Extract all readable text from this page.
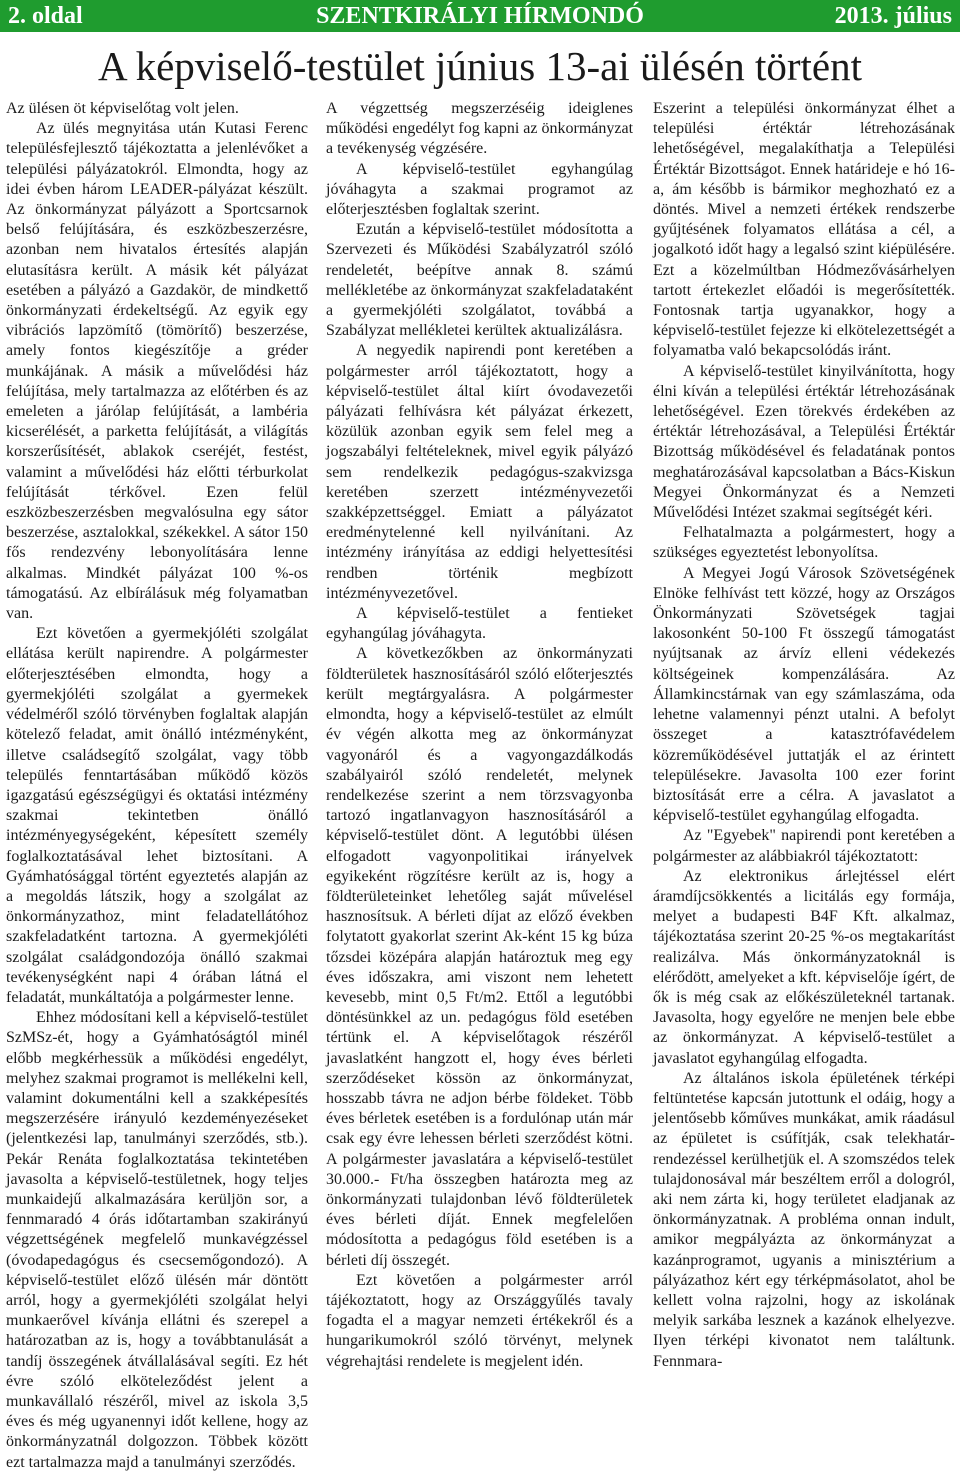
2. oldal	SZENTKIRÁLYI HÍRMONDÓ	2013. július
A képviselő-testület június 13-ai ülésén történt

Az ülésen öt képviselőtag volt jelen.

Az ülés megnyitása után Kutasi Ferenc településfejlesztő tájékoztatta a jelenlévőket a települési pályázatokról. Elmondta, hogy az idei évben három LEADER-pályázat készült. Az önkormányzat pályázott a Sportcsarnok belső felújítására, és eszközbeszerzésre, azonban nem hivatalos értesítés alapján elutasításra került. A másik két pályázat esetében a pályázó a Gazdakör, de mindkettő önkormányzati érdekeltségű. Az egyik egy vibrációs lapzömítő (tömörítő) beszerzése, amely fontos kiegészítője a gréder munkájának. A másik a művelődési ház felújítása, mely tartalmazza az előtérben és az emeleten a járólap felújítását, a lambéria kicserélését, a parketta felújítását, a világítás korszerűsítését, ablakok cseréjét, festést, valamint a művelődési ház előtti térburkolat felújítását térkővel. Ezen felül eszközbeszerzésben megvalósulna egy sátor beszerzése, asztalokkal, székekkel. A sátor 150 fős rendezvény lebonyolítására lenne alkalmas. Mindkét pályázat 100 %-os támogatású. Az elbírálásuk még folyamatban van.

Ezt követően a gyermekjóléti szolgálat ellátása került napirendre. A polgármester előterjesztésében elmondta, hogy a gyermekjóléti szolgálat a gyermekek védelméről szóló törvényben foglaltak alapján kötelező feladat, amit önálló intézményként, illetve családsegítő szolgálat, vagy több település fenntartásában működő közös igazgatású egészségügyi és oktatási intézmény szakmai tekintetben önálló intézményegységeként, képesített személy foglalkoztatásával lehet biztosítani. A Gyámhatósággal történt egyeztetés alapján az a megoldás látszik, hogy a szolgálat az önkormányzathoz, mint feladatellátóhoz szakfeladatként tartozna. A gyermekjóléti szolgálat családgondozója önálló szakmai tevékenységként napi 4 órában látná el feladatát, munkáltatója a polgármester lenne.

Ehhez módosítani kell a képviselő-testület SzMSz-ét, hogy a Gyámhatóságtól minél előbb megkérhessük a működési engedélyt, melyhez szakmai programot is mellékelni kell, valamint dokumentálni kell a szakképesítés megszerzésére irányuló kezdeményezéseket (jelentkezési lap, tanulmányi szerződés, stb.). Pekár Renáta foglalkoztatása tekintetében javasolta a képviselő-testületnek, hogy teljes munkaidejű alkalmazására kerüljön sor, a fennmaradó 4 órás időtartamban szakirányú végzettségének megfelelő munkavégzéssel (óvodapedagógus és csecsemőgondozó). A képviselő-testület előző ülésén már döntött arról, hogy a gyermekjóléti szolgálat helyi munkaerővel kívánja ellátni és szerepel a határozatban az is, hogy a továbbtanulását a tandíj összegének átvállalásával segíti. Ez hét évre szóló elköteleződést jelent a munkavállaló részéről, mivel az iskola 3,5 éves és még ugyanennyi időt kellene, hogy az önkormányzatnál dolgozzon. Többek között ezt tartalmazza majd a tanulmányi szerződés.

A végzettség megszerzéséig ideiglenes működési engedélyt fog kapni az önkormányzat a tevékenység végzésére.

A képviselő-testület egyhangúlag jóváhagyta a szakmai programot az előterjesztésben foglaltak szerint.

Ezután a képviselő-testület módosította a Szervezeti és Működési Szabályzatról szóló rendeletét, beépítve annak 8. számú mellékletébe az önkormányzat szakfeladataként a gyermekjóléti szolgálatot, továbbá a Szabályzat mellékletei kerültek aktualizálásra.

A negyedik napirendi pont keretében a polgármester arról tájékoztatott, hogy a képviselő-testület által kiírt óvodavezetői pályázati felhívásra két pályázat érkezett, közülük azonban egyik sem felel meg a jogszabályi feltételeknek, mivel egyik pályázó sem rendelkezik pedagógus-szakvizsga keretében szerzett intézményvezetői szakképzettséggel. Emiatt a pályázatot eredménytelenné kell nyilvánítani. Az intézmény irányítása az eddigi helyettesítési rendben történik megbízott intézményvezetővel.

A képviselő-testület a fentieket egyhangúlag jóváhagyta.

A következőkben az önkormányzati földterületek hasznosításáról szóló előterjesztés került megtárgyalásra. A polgármester elmondta, hogy a képviselő-testület az elmúlt év végén alkotta meg az önkormányzat vagyonáról és a vagyongazdálkodás szabályairól szóló rendeletét, melynek rendelkezése szerint a nem törzsvagyonba tartozó ingatlanvagyon hasznosításáról a képviselő-testület dönt. A legutóbbi ülésen elfogadott vagyonpolitikai irányelvek egyikeként rögzítésre került az is, hogy a földterületeinket lehetőleg saját művelésel hasznosítsuk. A bérleti díjat az előző években folytatott gyakorlat szerint Ak-ként 15 kg búza tőzsdei középára alapján határoztuk meg egy éves időszakra, ami viszont nem lehetett kevesebb, mint 0,5 Ft/m2. Ettől a legutóbbi döntésünkkel az un. pedagógus föld esetében tértünk el. A képviselőtagok részéről javaslatként hangzott el, hogy éves bérleti szerződéseket kössön az önkormányzat, hosszabb távra ne adjon bérbe földeket. Több éves bérletek esetében is a fordulónap után már csak egy évre lehessen bérleti szerződést kötni. A polgármester javaslatára a képviselő-testület 30.000.- Ft/ha összegben határozta meg az önkormányzati tulajdonban lévő földterületek éves bérleti díját. Ennek megfelelően módosította a pedagógus föld esetében is a bérleti díj összegét.

Ezt követően a polgármester arról tájékoztatott, hogy az Országgyűlés tavaly fogadta el a magyar nemzeti értékekről és a hungarikumokról szóló törvényt, melynek végrehajtási rendelete is megjelent idén.

Eszerint a települési önkormányzat élhet a települési értéktár létrehozásának lehetőségével, megalakíthatja a Települési Értéktár Bizottságot. Ennek határideje e hó 16-a, ám később is bármikor meghozható ez a döntés. Mivel a nemzeti értékek rendszerbe gyűjtésének folyamatos ellátása a cél, a jogalkotó időt hagy a legalsó szint kiépülésére. Ezt a közelmúltban Hódmezővásárhelyen tartott értekezlet előadói is megerősítették. Fontosnak tartja ugyanakkor, hogy a képviselő-testület fejezze ki elkötelezettségét a folyamatba való bekapcsolódás iránt.

A képviselő-testület kinyilvánította, hogy élni kíván a települési értéktár létrehozásának lehetőségével. Ezen törekvés érdekében az értéktár létrehozásával, a Települési Értéktár Bizottság működésével és feladatának pontos meghatározásával kapcsolatban a Bács-Kiskun Megyei Önkormányzat és a Nemzeti Művelődési Intézet szakmai segítségét kéri.

Felhatalmazta a polgármestert, hogy a szükséges egyeztetést lebonyolítsa.

A Megyei Jogú Városok Szövetségének Elnöke felhívást tett közzé, hogy az Országos Önkormányzati Szövetségek tagjai lakosonként 50-100 Ft összegű támogatást nyújtsanak az árvíz elleni védekezés költségeinek kompenzálására. Az Államkincstárnak van egy számlaszáma, oda lehetne valamennyi pénzt utalni. A befolyt összeget a katasztrófavédelem közreműködésével juttatják el az érintett településekre. Javasolta 100 ezer forint biztosítását erre a célra. A javaslatot a képviselő-testület egyhangúlag elfogadta.

Az "Egyebek" napirendi pont keretében a polgármester az alábbiakról tájékoztatott:

Az elektronikus árlejtéssel elért áramdíjcsökkentés a licitálás egy formája, melyet a budapesti B4F Kft. alkalmaz, tájékoztatása szerint 20-25 %-os megtakarítást realizálva. Más önkormányzatoknál is elérődött, amelyeket a kft. képviselője ígért, de ők is még csak az előkészületeknél tartanak. Javasolta, hogy egyelőre ne menjen bele ebbe az önkormányzat. A képviselő-testület a javaslatot egyhangúlag elfogadta.

Az általános iskola épületének térképi feltüntetése kapcsán jutottunk el odáig, hogy a jelentősebb kőműves munkákat, amik ráadásul az épületet is csúfítják, csak telekhatár-rendezéssel kerülhetjük el. A szomszédos telek tulajdonosával már beszéltem erről a dologról, aki nem zárta ki, hogy területet eladjanak az önkormányzatnak. A probléma onnan indult, amikor megpályázta az önkormányzat a kazánprogramot, ugyanis a minisztérium a pályázathoz kért egy térképmásolatot, ahol be kellett volna rajzolni, hogy az iskolának melyik sarkába lesznek a kazánok elhelyezve. Ilyen térképi kivonatot nem találtunk. Fennmara-
